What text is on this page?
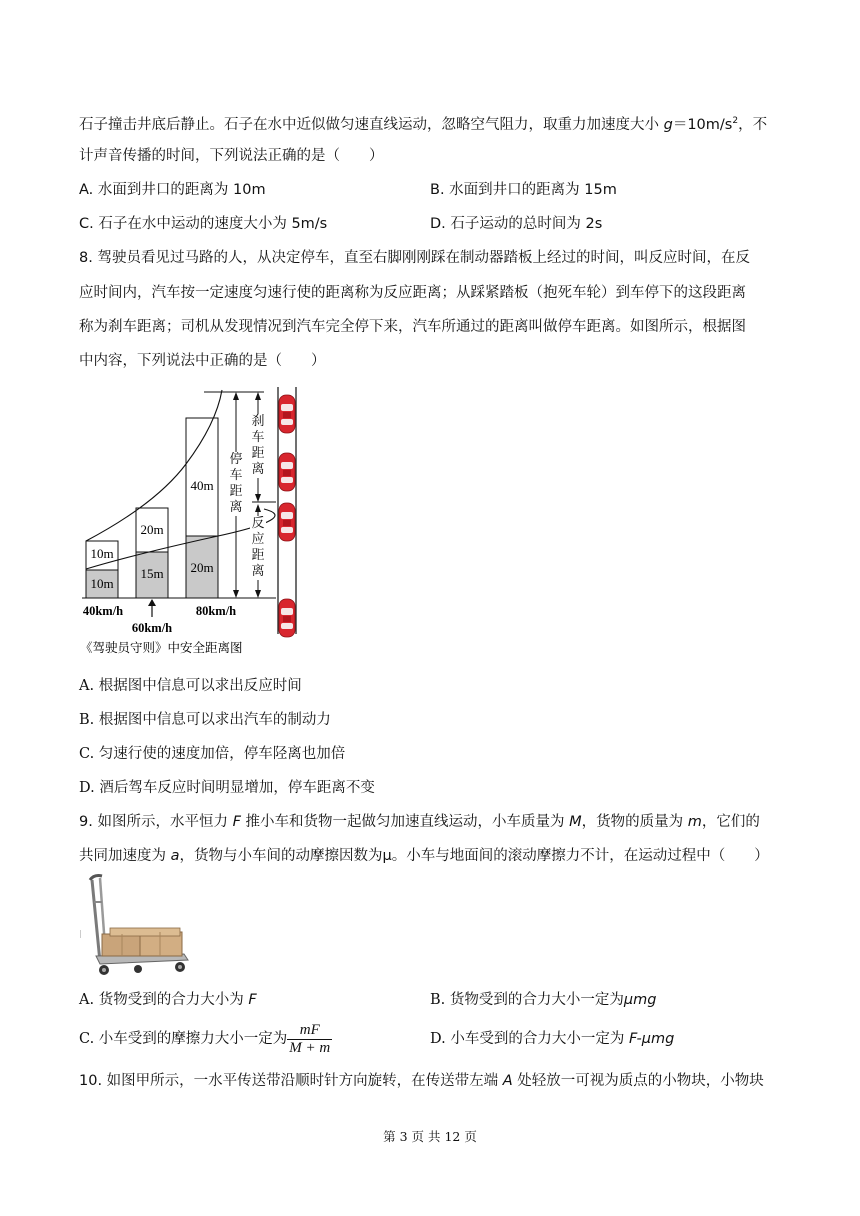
石子撞击井底后静止。石子在水中近似做匀速直线运动，忽略空气阻力，取重力加速度大小 $g=10m/s^2$，不
计声音传播的时间，下列说法正确的是（　　）
A. 水面到井口的距离为 10m	B. 水面到井口的距离为 15m
C. 石子在水中运动的速度大小为 5m/s	D. 石子运动的总时间为 2s
8. 驾驶员看见过马路的人，从决定停车，直至右脚刚刚踩在制动器踏板上经过的时间，叫反应时间，在反
应时间内，汽车按一定速度匀速行使的距离称为反应距离；从踩紧踏板（抱死车轮）到车停下的这段距离
称为刹车距离；司机从发现情况到汽车完全停下来，汽车所通过的距离叫做停车距离。如图所示，根据图
中内容，下列说法中正确的是（　　）
10m
10m
20m
15m
40m
20m
40km/h
60km/h
80km/h
刹车距离
停车距离
反应距离
《驾驶员守则》中安全距离图
A. 根据图中信息可以求出反应时间
B. 根据图中信息可以求出汽车的制动力
C. 匀速行使的速度加倍，停车陉离也加倍
D. 酒后驾车反应时间明显增加，停车距离不变
9. 如图所示，水平恒力 F 推小车和货物一起做匀加速直线运动，小车质量为 M，货物的质量为 m，它们的
共同加速度为 a，货物与小车间的动摩擦因数为μ。小车与地面间的滚动摩擦力不计，在运动过程中（　　）
A. 货物受到的合力大小为 F	B. 货物受到的合力大小一定为μmg
C. 小车受到的摩擦力大小一定为 $\frac{mF}{M + m}$	D. 小车受到的合力大小一定为 F-μmg
10. 如图甲所示，一水平传送带沿顺时针方向旋转，在传送带左端 A 处轻放一可视为质点的小物块，小物块
第 3 页 共 12 页
